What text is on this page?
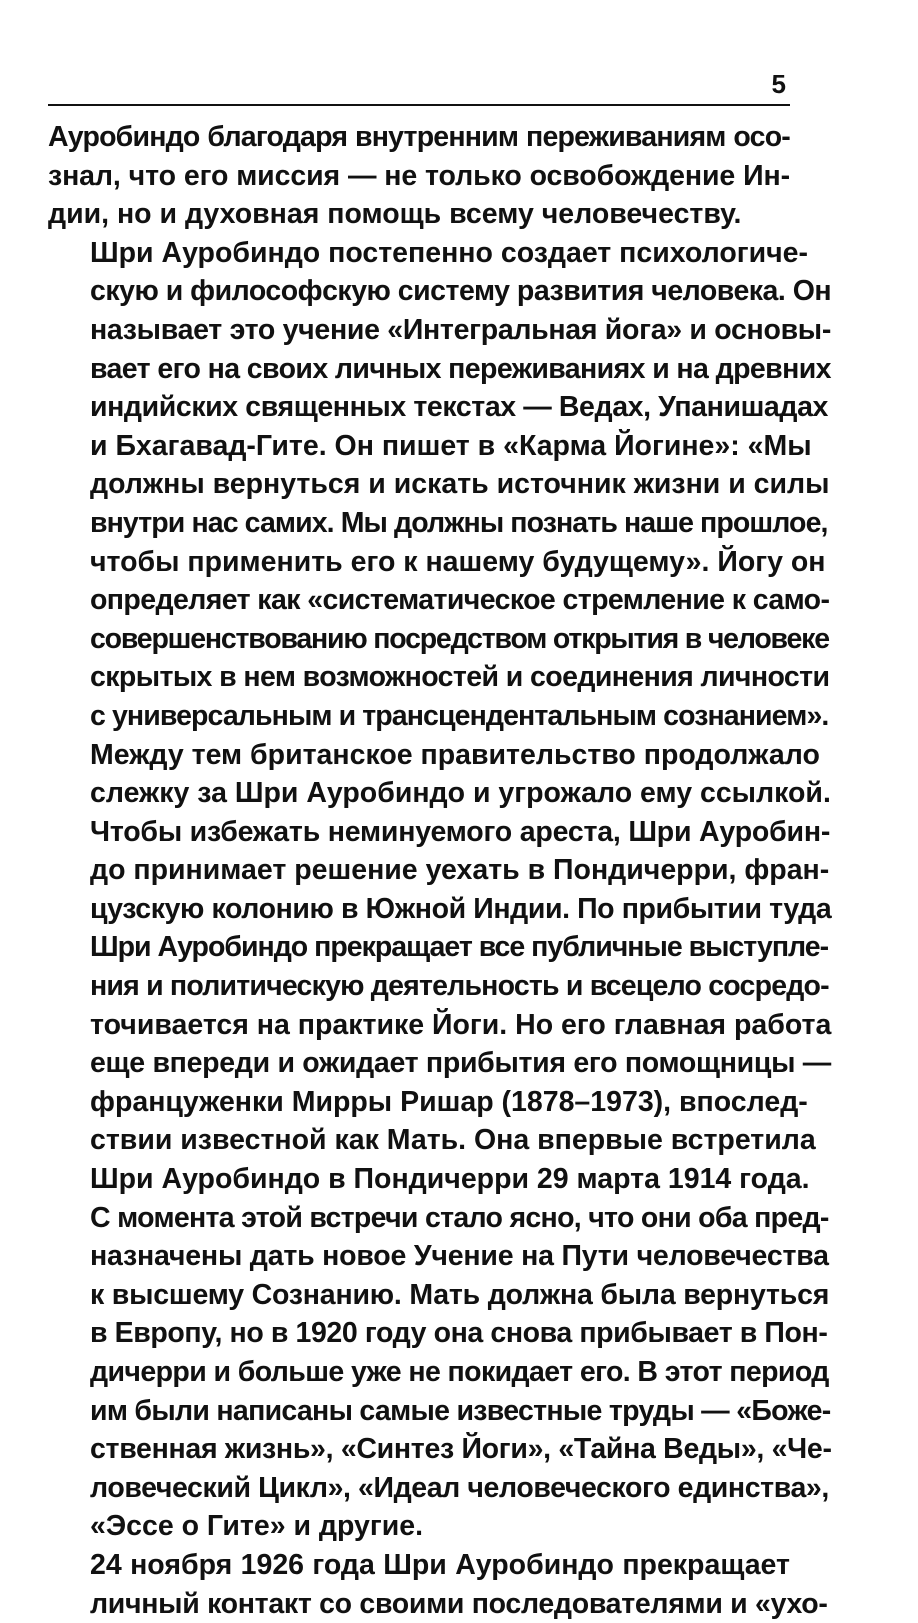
5

Ауробиндо благодаря внутренним переживаниям осо-
знал, что его миссия — не только освобождение Ин-
дии, но и духовная помощь всему человечеству.

Шри Ауробиндо постепенно создает психологиче-
скую и философскую систему развития человека. Он
называет это учение «Интегральная йога» и основы-
вает его на своих личных переживаниях и на древних
индийских священных текстах — Ведах, Упанишадах
и Бхагавад-Гите. Он пишет в «Карма Йогине»: «Мы
должны вернуться и искать источник жизни и силы
внутри нас самих. Мы должны познать наше прошлое,
чтобы применить его к нашему будущему». Йогу он
определяет как «систематическое стремление к само-
совершенствованию посредством открытия в человеке
скрытых в нем возможностей и соединения личности
с универсальным и трансцендентальным сознанием».

Между тем британское правительство продолжало
слежку за Шри Ауробиндо и угрожало ему ссылкой.
Чтобы избежать неминуемого ареста, Шри Ауробин-
до принимает решение уехать в Пондичерри, фран-
цузскую колонию в Южной Индии. По прибытии туда
Шри Ауробиндо прекращает все публичные выступле-
ния и политическую деятельность и всецело сосредо-
точивается на практике Йоги. Но его главная работа
еще впереди и ожидает прибытия его помощницы —
француженки Мирры Ришар (1878–1973), впослед-
ствии известной как Мать. Она впервые встретила
Шри Ауробиндо в Пондичерри 29 марта 1914 года.
С момента этой встречи стало ясно, что они оба пред-
назначены дать новое Учение на Пути человечества
к высшему Сознанию. Мать должна была вернуться
в Европу, но в 1920 году она снова прибывает в Пон-
дичерри и больше уже не покидает его. В этот период
им были написаны самые известные труды — «Боже-
ственная жизнь», «Синтез Йоги», «Тайна Веды», «Че-
ловеческий Цикл», «Идеал человеческого единства»,
«Эссе о Гите» и другие.

24 ноября 1926 года Шри Ауробиндо прекращает
личный контакт со своими последователями и «ухо-
